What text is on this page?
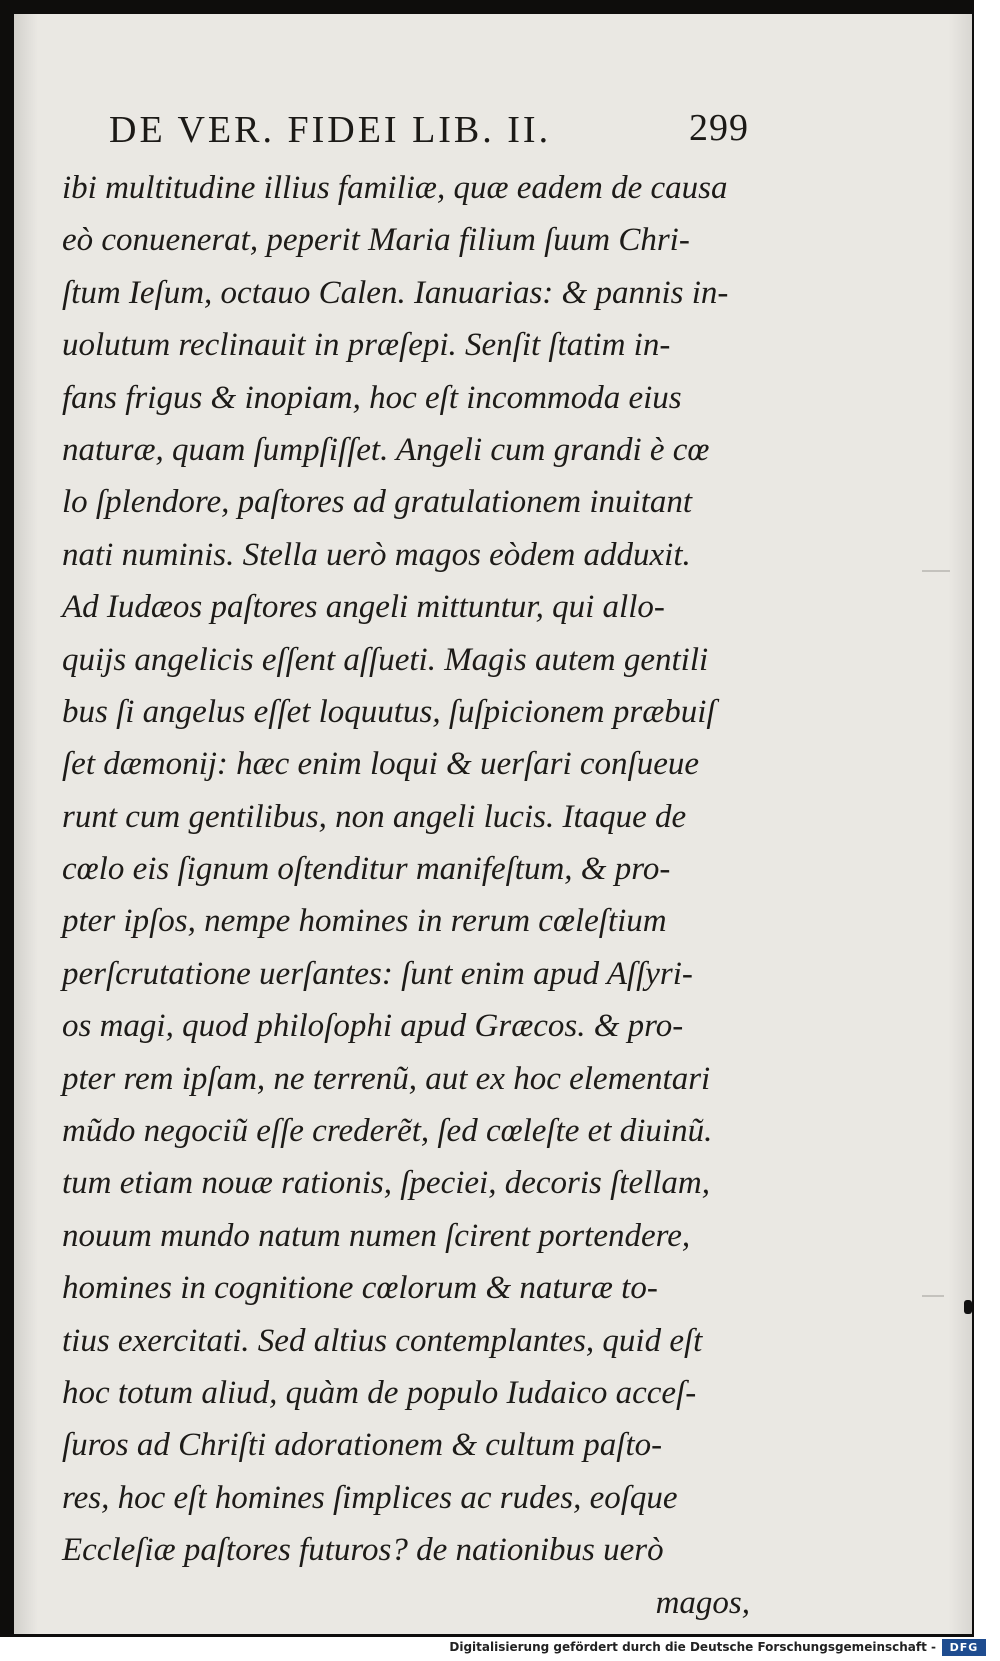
DE VER. FIDEI LIB. II.	299
ibi multitudine illius familiæ, quæ eadem de causa
eò conuenerat, peperit Maria filium ſuum Chri-
ſtum Ieſum, octauo Calen. Ianuarias: & pannis in-
uolutum reclinauit in præſepi. Senſit ſtatim in-
fans frigus & inopiam, hoc eſt incommoda eius
naturæ, quam ſumpſiſſet. Angeli cum grandi è cœ
lo ſplendore, paſtores ad gratulationem inuitant
nati numinis. Stella uerò magos eòdem adduxit.
Ad Iudæos paſtores angeli mittuntur, qui allo-
quijs angelicis eſſent aſſueti. Magis autem gentili
bus ſi angelus eſſet loquutus, ſuſpicionem præbuiſ
ſet dæmonij: hæc enim loqui & uerſari conſueue
runt cum gentilibus, non angeli lucis. Itaque de
cœlo eis ſignum oſtenditur manifeſtum, & pro-
pter ipſos, nempe homines in rerum cœleſtium
perſcrutatione uerſantes: ſunt enim apud Aſſyri-
os magi, quod philoſophi apud Græcos. & pro-
pter rem ipſam, ne terrenũ, aut ex hoc elementari
mũdo negociũ eſſe crederẽt, ſed cœleſte et diuinũ.
tum etiam nouæ rationis, ſpeciei, decoris ſtellam,
nouum mundo natum numen ſcirent portendere,
homines in cognitione cœlorum & naturæ to-
tius exercitati. Sed altius contemplantes, quid eſt
hoc totum aliud, quàm de populo Iudaico acceſ-
ſuros ad Chriſti adorationem & cultum paſto-
res, hoc eſt homines ſimplices ac rudes, eoſque
Eccleſiæ paſtores futuros? de nationibus uerò
magos,
Digitalisierung gefördert durch die Deutsche Forschungsgemeinschaft -	DFG
